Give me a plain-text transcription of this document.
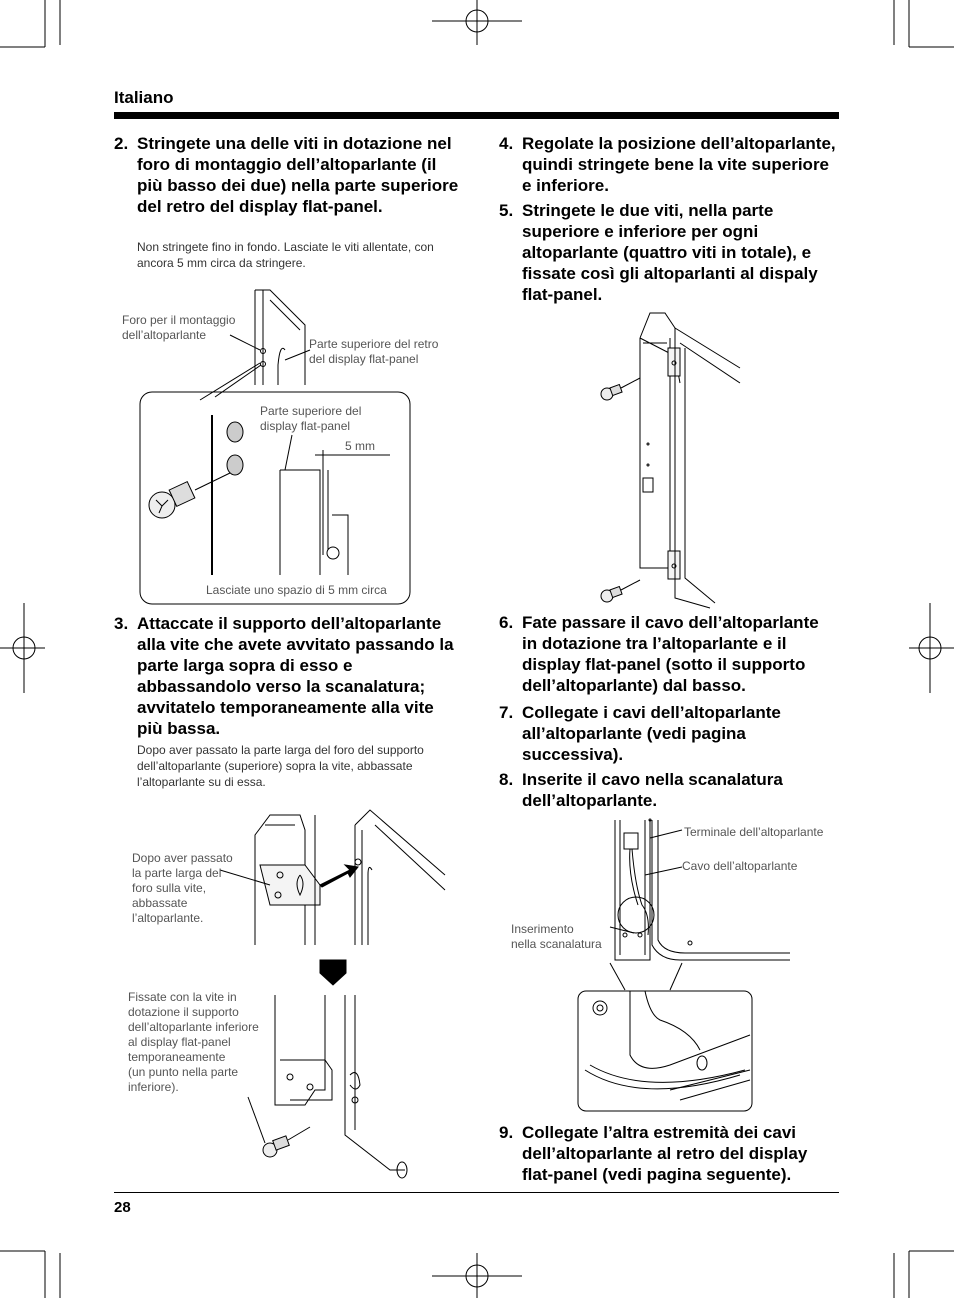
Italiano
2. Stringete una delle viti in dotazione nel foro di montaggio dell’altoparlante (il più basso dei due) nella parte superiore del retro del display flat-panel.
Non stringete fino in fondo. Lasciate le viti allentate, con ancora 5 mm circa da stringere.
Foro per il montaggio
dell’altoparlante
Parte superiore del retro
del display flat-panel
Parte superiore del
display flat-panel
5 mm
Lasciate uno spazio di 5 mm circa
3. Attaccate il supporto dell’altoparlante alla vite che avete avvitato passando la parte larga sopra di esso e abbassandolo verso la scanalatura; avvitatelo temporaneamente alla vite più bassa.
Dopo aver passato la parte larga del foro del supporto dell’altoparlante (superiore) sopra la vite, abbassate l’altoparlante su di essa.
Dopo aver passato
la parte larga del
foro sulla vite,
abbassate
l’altoparlante.
Fissate con la vite in
dotazione il supporto
dell’altoparlante inferiore
al display flat-panel
temporaneamente
(un punto nella parte
inferiore).
4. Regolate la posizione dell’altoparlante, quindi stringete bene la vite superiore e inferiore.
5. Stringete le due viti, nella parte superiore e inferiore per ogni altoparlante (quattro viti in totale), e fissate così gli altoparlanti al dispaly flat-panel.
6. Fate passare il cavo dell’altoparlante in dotazione tra l’altoparlante e il display flat-panel (sotto il supporto dell’altoparlante) dal basso.
7. Collegate i cavi dell’altoparlante all’altoparlante (vedi pagina successiva).
8. Inserite il cavo nella scanalatura dell’altoparlante.
Terminale dell’altoparlante
Cavo dell’altoparlante
Inserimento
nella scanalatura
9. Collegate l’altra estremità dei cavi dell’altoparlante al retro del display flat-panel (vedi pagina seguente).
28
